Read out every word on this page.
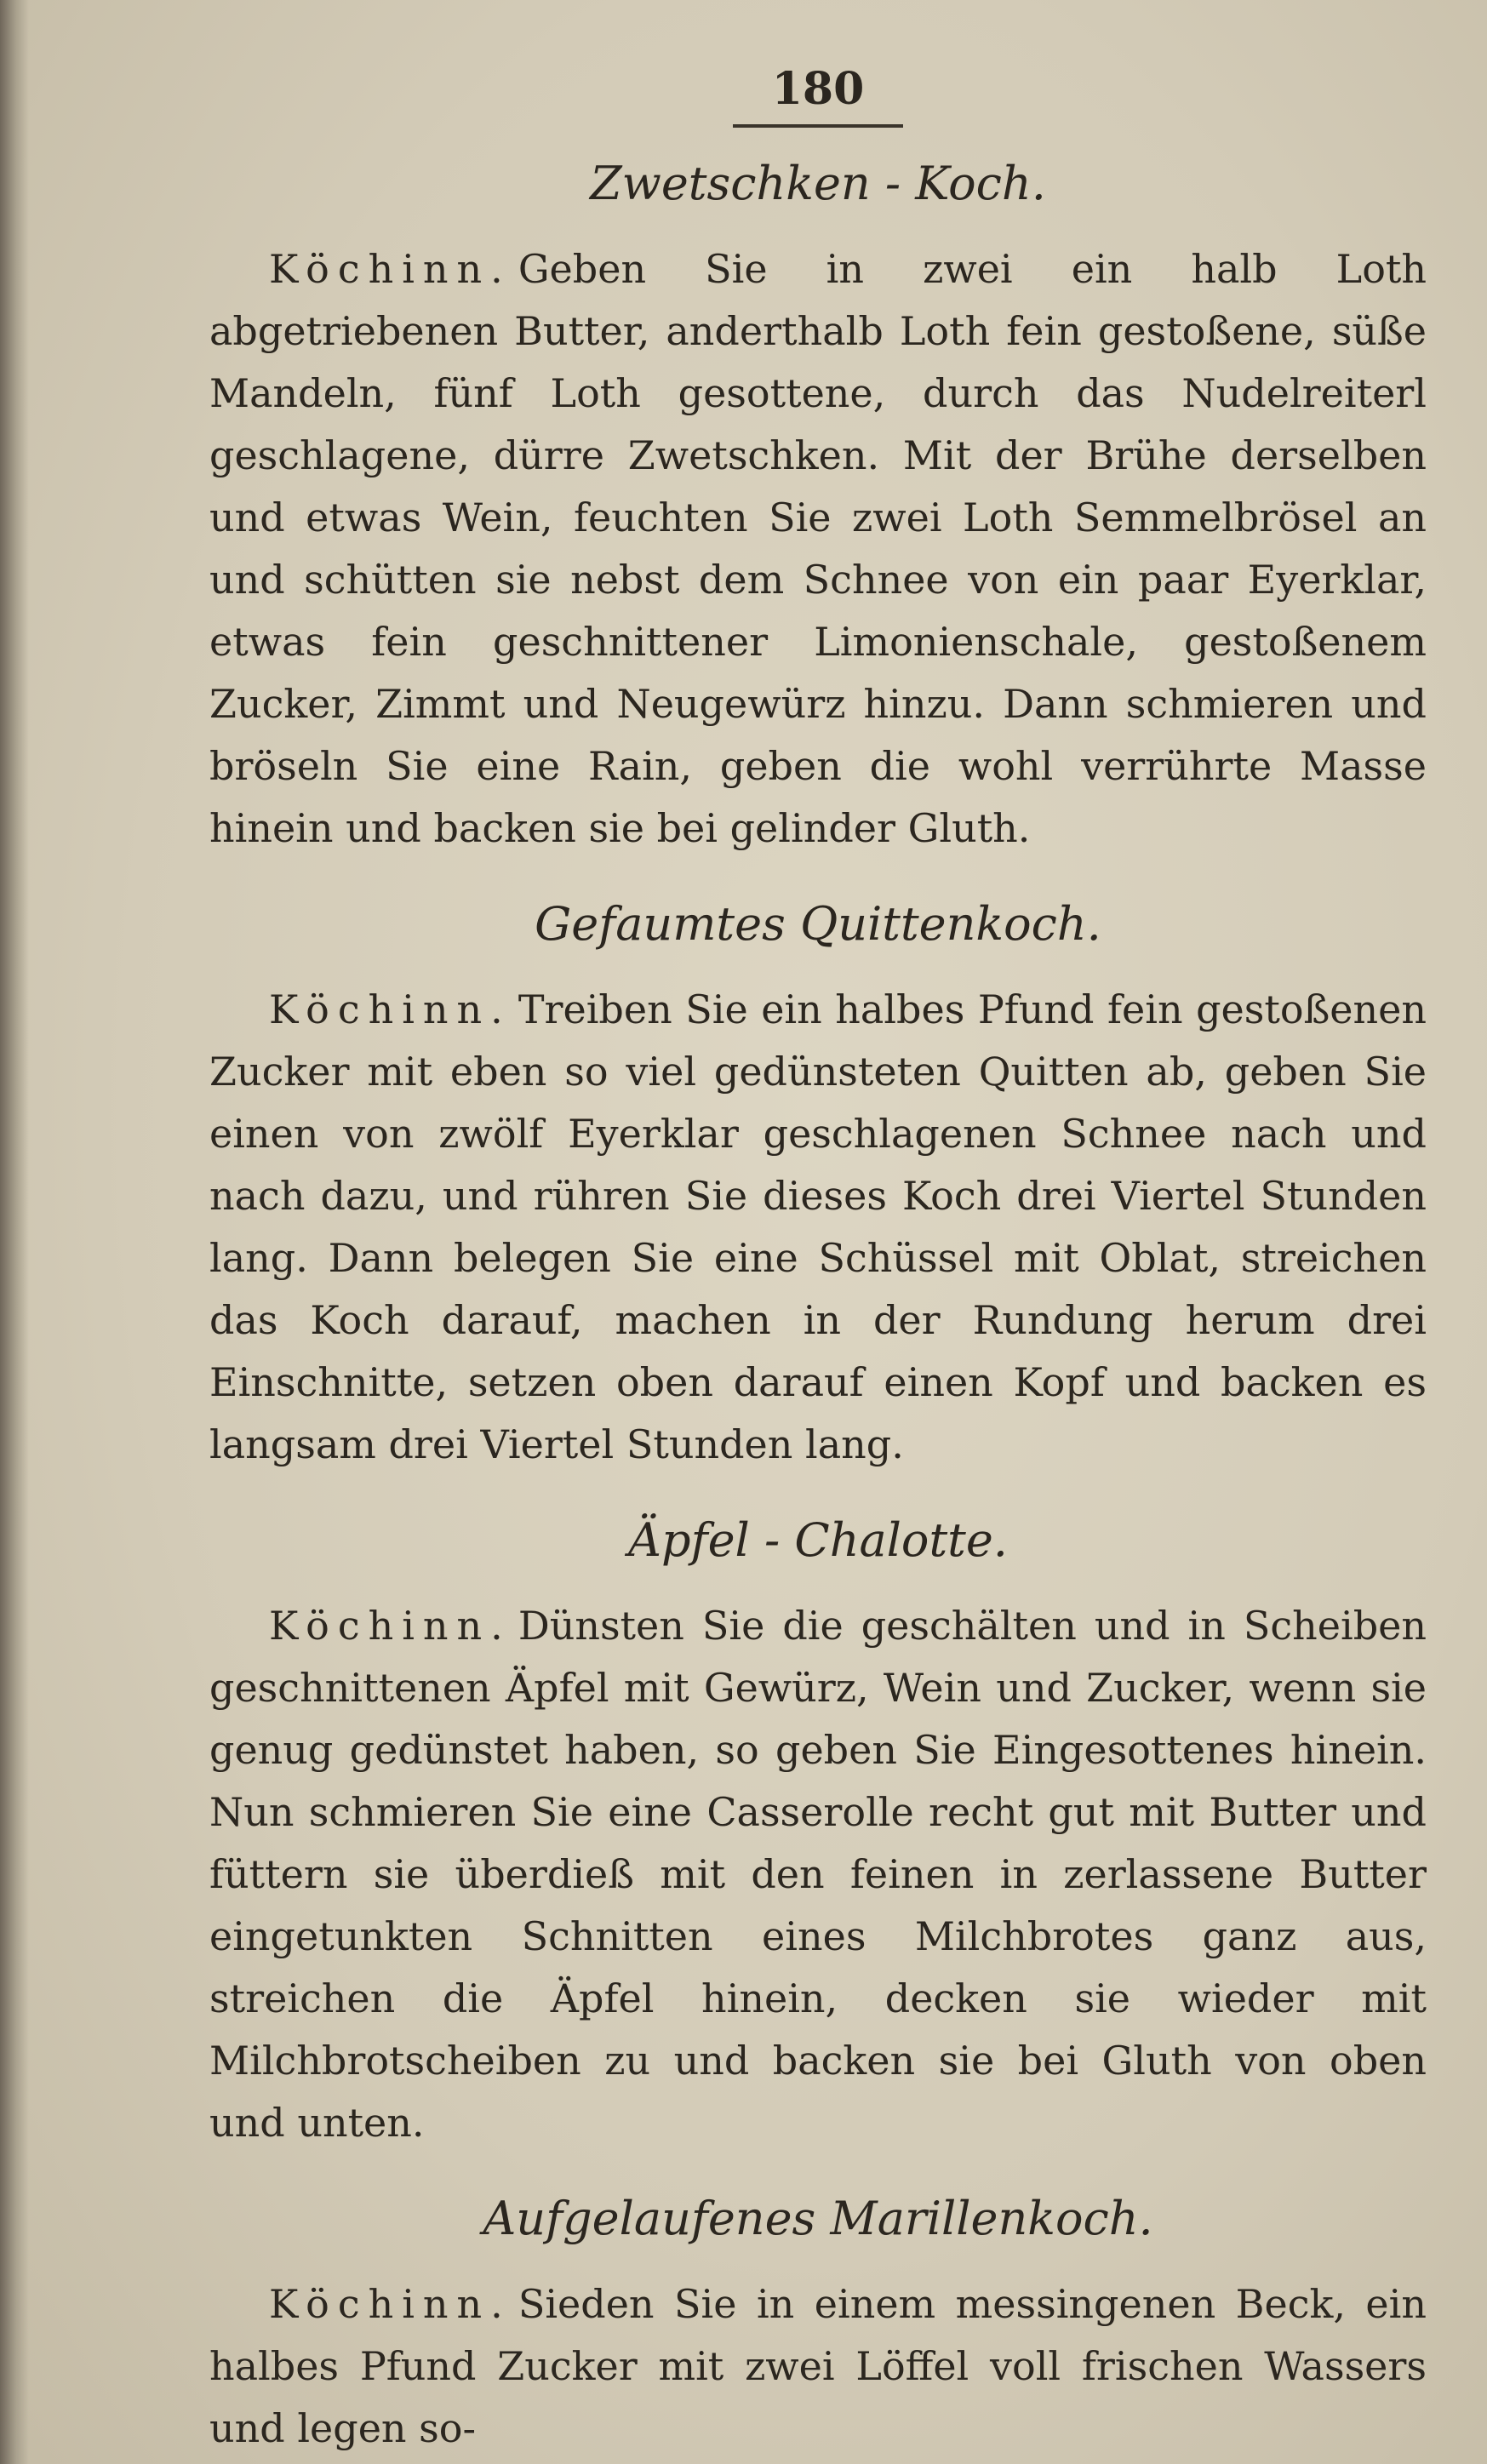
180
Zwetschken - Koch.

Köchinn. Geben Sie in zwei ein halb Loth abgetriebenen Butter, anderthalb Loth fein gestoßene, süße Mandeln, fünf Loth gesottene, durch das Nudelreiterl geschlagene, dürre Zwetschken. Mit der Brühe derselben und etwas Wein, feuchten Sie zwei Loth Semmelbrösel an und schütten sie nebst dem Schnee von ein paar Eyerklar, etwas fein geschnittener Limonienschale, gestoßenem Zucker, Zimmt und Neugewürz hinzu. Dann schmieren und bröseln Sie eine Rain, geben die wohl verrührte Masse hinein und backen sie bei gelinder Gluth.

Gefaumtes Quittenkoch.

Köchinn. Treiben Sie ein halbes Pfund fein gestoßenen Zucker mit eben so viel gedünsteten Quitten ab, geben Sie einen von zwölf Eyerklar geschlagenen Schnee nach und nach dazu, und rühren Sie dieses Koch drei Viertel Stunden lang. Dann belegen Sie eine Schüssel mit Oblat, streichen das Koch darauf, machen in der Rundung herum drei Einschnitte, setzen oben darauf einen Kopf und backen es langsam drei Viertel Stunden lang.

Äpfel - Chalotte.

Köchinn. Dünsten Sie die geschälten und in Scheiben geschnittenen Äpfel mit Gewürz, Wein und Zucker, wenn sie genug gedünstet haben, so geben Sie Eingesottenes hinein. Nun schmieren Sie eine Casserolle recht gut mit Butter und füttern sie überdieß mit den feinen in zerlassene Butter eingetunkten Schnitten eines Milchbrotes ganz aus, streichen die Äpfel hinein, decken sie wieder mit Milchbrotscheiben zu und backen sie bei Gluth von oben und unten.

Aufgelaufenes Marillenkoch.

Köchinn. Sieden Sie in einem messingenen Beck, ein halbes Pfund Zucker mit zwei Löffel voll frischen Wassers und legen so-
